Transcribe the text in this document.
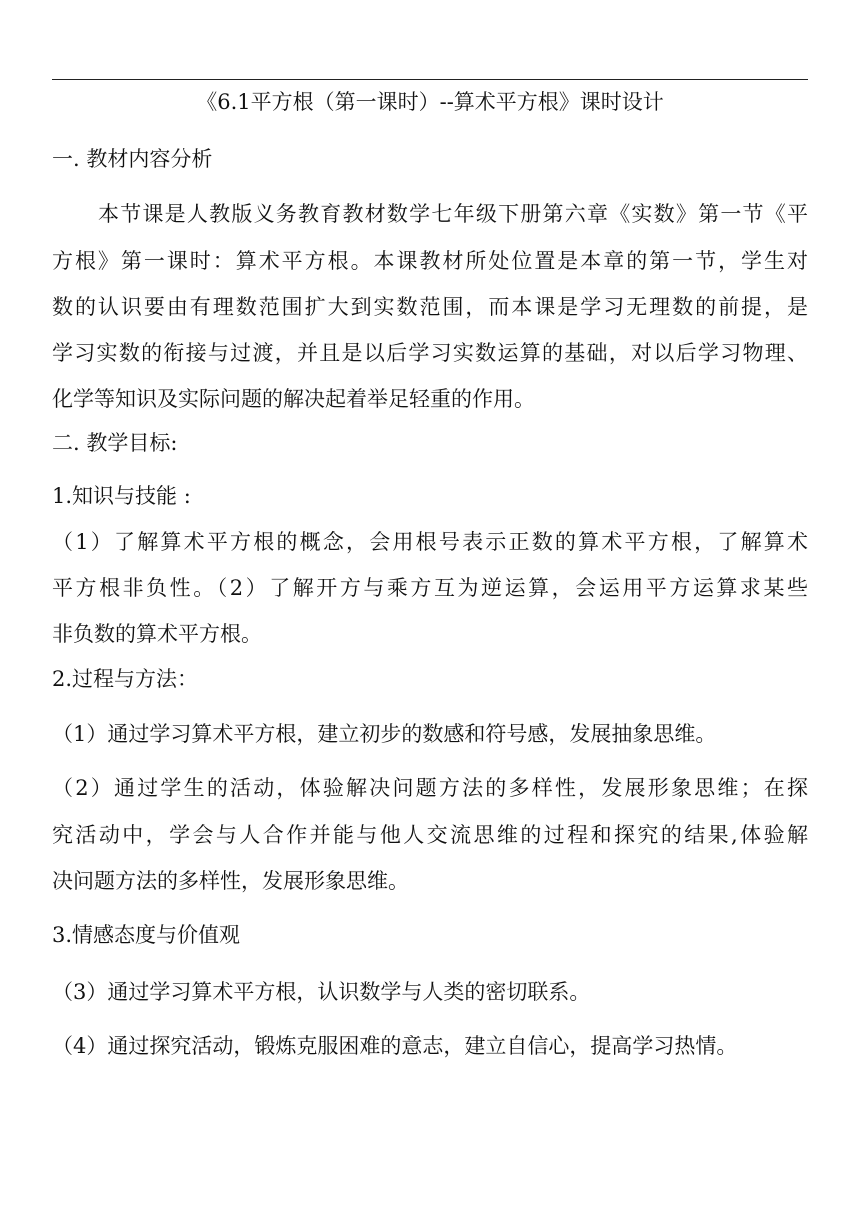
《6.1平方根（第一课时）--算术平方根》课时设计
一. 教材内容分析
本节课是人教版义务教育教材数学七年级下册第六章《实数》第一节《平
方根》第一课时：算术平方根。本课教材所处位置是本章的第一节，学生对
数的认识要由有理数范围扩大到实数范围，而本课是学习无理数的前提，是
学习实数的衔接与过渡，并且是以后学习实数运算的基础，对以后学习物理、
化学等知识及实际问题的解决起着举足轻重的作用。
二. 教学目标:
1.知识与技能 :
（1）了解算术平方根的概念，会用根号表示正数的算术平方根，了解算术
平方根非负性。（2）了解开方与乘方互为逆运算，会运用平方运算求某些
非负数的算术平方根。
2.过程与方法：
（1）通过学习算术平方根，建立初步的数感和符号感，发展抽象思维。
（2）通过学生的活动，体验解决问题方法的多样性，发展形象思维；在探
究活动中，学会与人合作并能与他人交流思维的过程和探究的结果,体验解
决问题方法的多样性，发展形象思维。
3.情感态度与价值观
（3）通过学习算术平方根，认识数学与人类的密切联系。
（4）通过探究活动，锻炼克服困难的意志，建立自信心，提高学习热情。
